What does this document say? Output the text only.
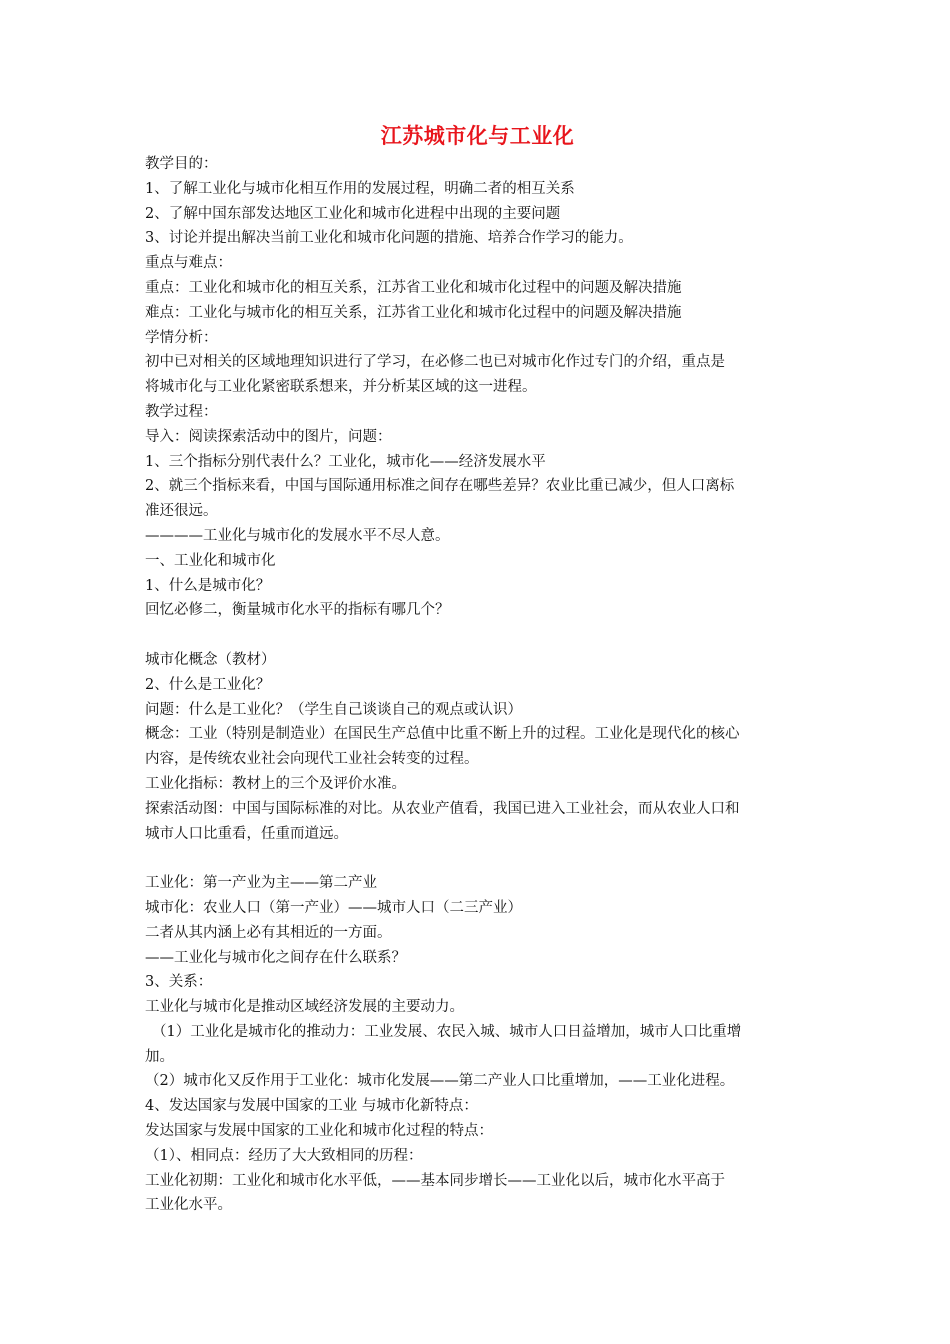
江苏城市化与工业化
教学目的：
1、了解工业化与城市化相互作用的发展过程，明确二者的相互关系
2、了解中国东部发达地区工业化和城市化进程中出现的主要问题
3、讨论并提出解决当前工业化和城市化问题的措施、培养合作学习的能力。
重点与难点：
重点：工业化和城市化的相互关系，江苏省工业化和城市化过程中的问题及解决措施
难点：工业化与城市化的相互关系，江苏省工业化和城市化过程中的问题及解决措施
学情分析：
初中已对相关的区域地理知识进行了学习，在必修二也已对城市化作过专门的介绍，重点是
将城市化与工业化紧密联系想来，并分析某区域的这一进程。
教学过程：
导入：阅读探索活动中的图片，问题：
1、三个指标分别代表什么？工业化，城市化——经济发展水平
2、就三个指标来看，中国与国际通用标准之间存在哪些差异？农业比重已减少，但人口离标
准还很远。
————工业化与城市化的发展水平不尽人意。
一、工业化和城市化
1、什么是城市化？
回忆必修二，衡量城市化水平的指标有哪几个？
城市化概念（教材）
2、什么是工业化？
问题：什么是工业化？（学生自己谈谈自己的观点或认识）
概念：工业（特别是制造业）在国民生产总值中比重不断上升的过程。工业化是现代化的核心
内容，是传统农业社会向现代工业社会转变的过程。
工业化指标：教材上的三个及评价水准。
探索活动图：中国与国际标准的对比。从农业产值看，我国已进入工业社会，而从农业人口和
城市人口比重看，任重而道远。
工业化：第一产业为主——第二产业
城市化：农业人口（第一产业）——城市人口（二三产业）
二者从其内涵上必有其相近的一方面。
——工业化与城市化之间存在什么联系？
3、关系：
工业化与城市化是推动区域经济发展的主要动力。
（1）工业化是城市化的推动力：工业发展、农民入城、城市人口日益增加，城市人口比重增
加。
（2）城市化又反作用于工业化：城市化发展——第二产业人口比重增加，——工业化进程。
4、发达国家与发展中国家的工业 与城市化新特点：
发达国家与发展中国家的工业化和城市化过程的特点：
（1）、相同点：经历了大大致相同的历程：
工业化初期：工业化和城市化水平低，——基本同步增长——工业化以后，城市化水平高于
工业化水平。
